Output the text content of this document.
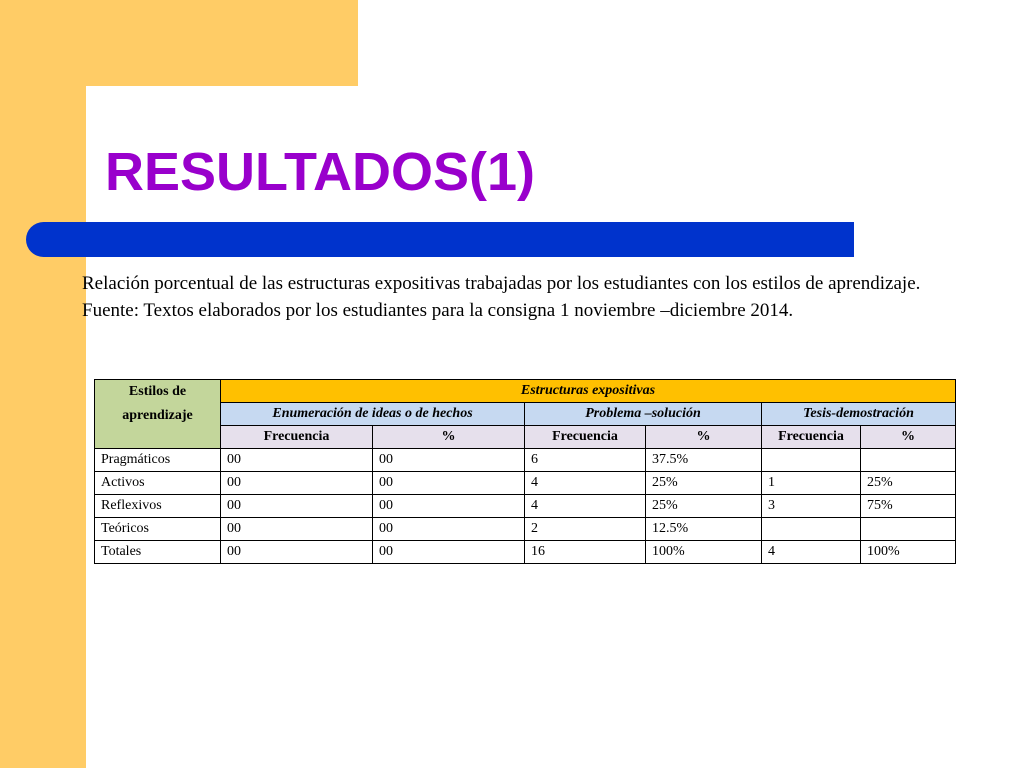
RESULTADOS(1)

Relación porcentual de las estructuras expositivas trabajadas por los estudiantes con los estilos de aprendizaje.

Fuente: Textos elaborados por los estudiantes para la consigna 1 noviembre –diciembre 2014.

Estilos de aprendizaje	Estructuras expositivas					
	Enumeración de ideas o de hechos		Problema –solución		Tesis-demostración	
	Frecuencia	%	Frecuencia	%	Frecuencia	%
Pragmáticos	00	00	6	37.5%		
Activos	00	00	4	25%	1	25%
Reflexivos	00	00	4	25%	3	75%
Teóricos	00	00	2	12.5%		
Totales	00	00	16	100%	4	100%
